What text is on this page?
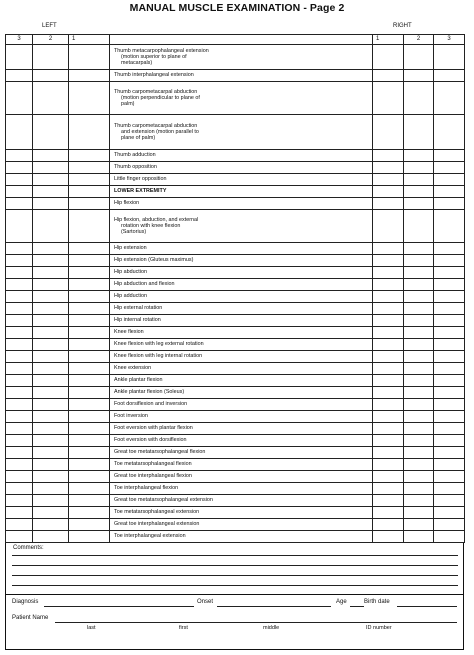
MANUAL MUSCLE EXAMINATION - Page 2
LEFT	RIGHT
3	2	1		1	2	3

			Thumb metacarpophalangeal extension
(motion superior to plane of
metacarpals)			

			Thumb interphalangeal extension			

			Thumb carpometacarpal abduction
(motion perpendicular to plane of
palm)			

			Thumb carpometacarpal abduction
and extension (motion parallel to
plane of palm)			

			Thumb adduction			

			Thumb opposition			

			Little finger opposition			

			LOWER EXTREMITY			

			Hip flexion			

			Hip flexion, abduction, and external
rotation with knee flexion
(Sartorius)			

			Hip extension			

			Hip extension (Gluteus maximus)			

			Hip abduction			

			Hip abduction and flexion			

			Hip adduction			

			Hip external rotation			

			Hip internal rotation			

			Knee flexion			

			Knee flexion with leg external rotation			

			Knee flexion with leg internal rotation			

			Knee extension			

			Ankle plantar flexion			

			Ankle plantar flexion (Soleus)			

			Foot dorsiflexion and inversion			

			Foot inversion			

			Foot eversion with plantar flexion			

			Foot eversion with dorsiflexion			

			Great toe metatarsophalangeal flexion			

			Toe metatarsophalangeal flexion			

			Great toe interphalangeal flexion			

			Toe interphalangeal flexion			

			Great toe metatarsophalangeal extension			

			Toe metatarsophalangeal extension			

			Great toe interphalangeal extension			

			Toe interphalangeal extension			

Comments:
Diagnosis	Onset	Age	Birth date
Patient Name
last	first	middle	ID number
